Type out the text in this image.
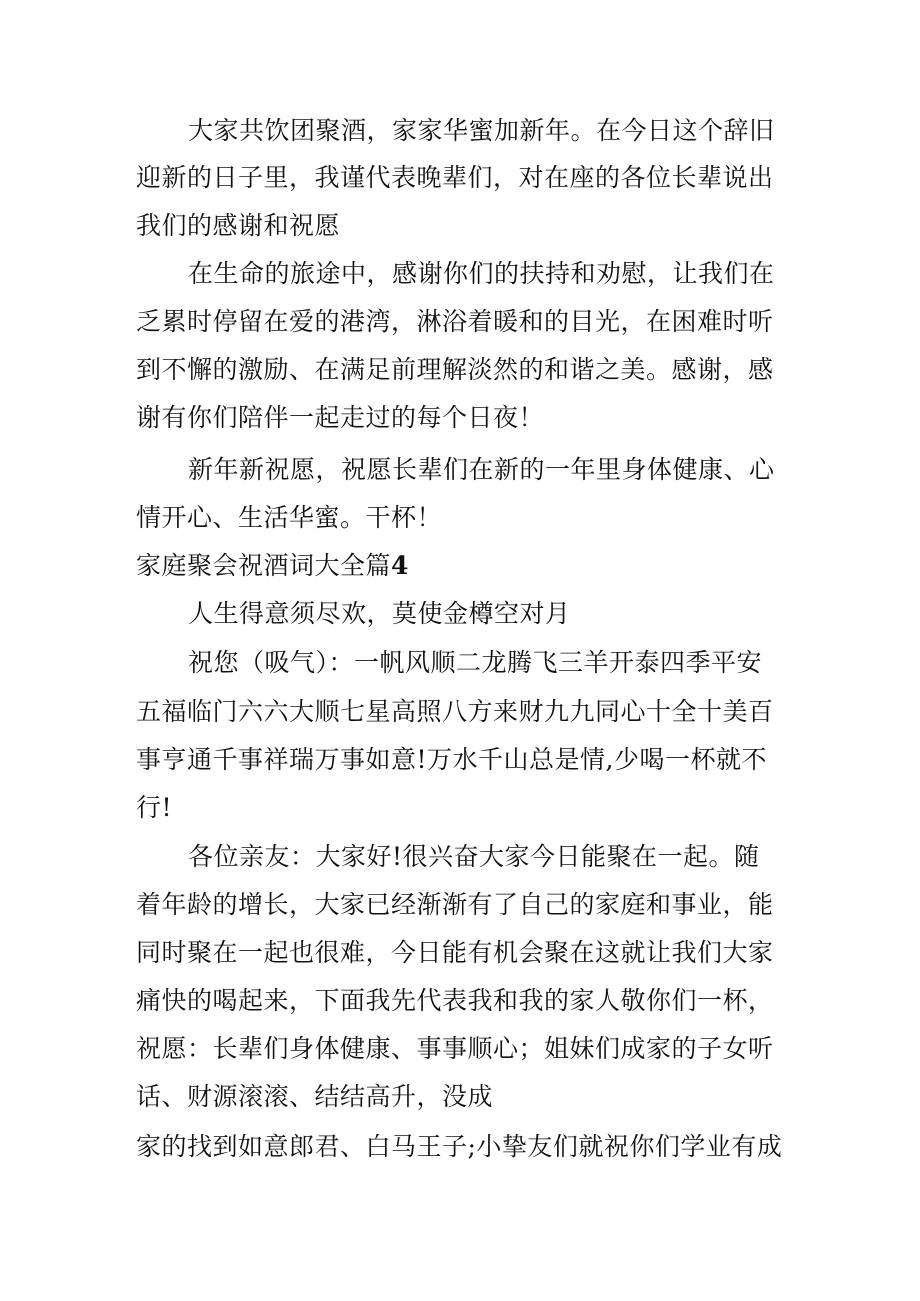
大家共饮团聚酒，家家华蜜加新年。在今日这个辞旧
迎新的日子里，我谨代表晚辈们，对在座的各位长辈说出
我们的感谢和祝愿
在生命的旅途中，感谢你们的扶持和劝慰，让我们在
乏累时停留在爱的港湾，淋浴着暖和的目光，在困难时听
到不懈的激励、在满足前理解淡然的和谐之美。感谢，感
谢有你们陪伴一起走过的每个日夜！
新年新祝愿，祝愿长辈们在新的一年里身体健康、心
情开心、生活华蜜。干杯！
家庭聚会祝酒词大全篇4
人生得意须尽欢，莫使金樽空对月
祝您（吸气）：一帆风顺二龙腾飞三羊开泰四季平安
五福临门六六大顺七星高照八方来财九九同心十全十美百
事亨通千事祥瑞万事如意!万水千山总是情,少喝一杯就不
行!
各位亲友：大家好!很兴奋大家今日能聚在一起。随
着年龄的增长，大家已经渐渐有了自己的家庭和事业，能
同时聚在一起也很难，今日能有机会聚在这就让我们大家
痛快的喝起来，下面我先代表我和我的家人敬你们一杯，
祝愿：长辈们身体健康、事事顺心；姐妹们成家的子女听
话、财源滚滚、结结高升，没成
家的找到如意郎君、白马王子;小挚友们就祝你们学业有成
